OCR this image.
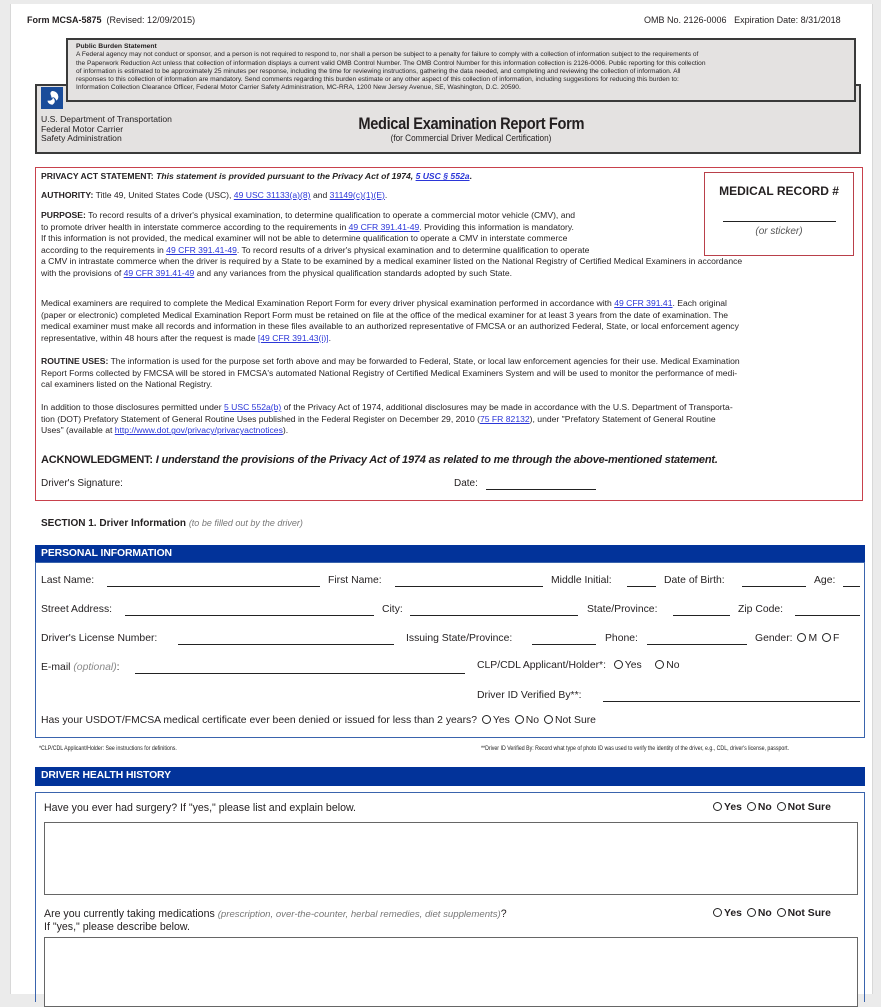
Form MCSA-5875 (Revised: 12/09/2015)	OMB No. 2126-0006 Expiration Date: 8/31/2018
Public Burden Statement
A Federal agency may not conduct or sponsor, and a person is not required to respond to, nor shall a person be subject to a penalty for failure to comply with a collection of information subject to the requirements of
the Paperwork Reduction Act unless that collection of information displays a current valid OMB Control Number. The OMB Control Number for this information collection is 2126-0006. Public reporting for this collection
of information is estimated to be approximately 25 minutes per response, including the time for reviewing instructions, gathering the data needed, and completing and reviewing the collection of information. All
responses to this collection of information are mandatory. Send comments regarding this burden estimate or any other aspect of this collection of information, including suggestions for reducing this burden to:
Information Collection Clearance Officer, Federal Motor Carrier Safety Administration, MC-RRA, 1200 New Jersey Avenue, SE, Washington, D.C. 20590.
U.S. Department of Transportation
Federal Motor Carrier
Safety Administration
Medical Examination Report Form
(for Commercial Driver Medical Certification)
MEDICAL RECORD #
(or sticker)
PRIVACY ACT STATEMENT: This statement is provided pursuant to the Privacy Act of 1974, 5 USC § 552a.
AUTHORITY: Title 49, United States Code (USC), 49 USC 31133(a)(8) and 31149(c)(1)(E).
PURPOSE: To record results of a driver's physical examination, to determine qualification to operate a commercial motor vehicle (CMV), and
to promote driver health in interstate commerce according to the requirements in 49 CFR 391.41-49. Providing this information is mandatory.
If this information is not provided, the medical examiner will not be able to determine qualification to operate a CMV in interstate commerce
according to the requirements in 49 CFR 391.41-49. To record results of a driver's physical examination and to determine qualification to operate
a CMV in intrastate commerce when the driver is required by a State to be examined by a medical examiner listed on the National Registry of Certified Medical Examiners in accordance
with the provisions of 49 CFR 391.41-49 and any variances from the physical qualification standards adopted by such State.
Medical examiners are required to complete the Medical Examination Report Form for every driver physical examination performed in accordance with 49 CFR 391.41. Each original
(paper or electronic) completed Medical Examination Report Form must be retained on file at the office of the medical examiner for at least 3 years from the date of examination. The
medical examiner must make all records and information in these files available to an authorized representative of FMCSA or an authorized Federal, State, or local enforcement agency
representative, within 48 hours after the request is made [49 CFR 391.43(i)].
ROUTINE USES: The information is used for the purpose set forth above and may be forwarded to Federal, State, or local law enforcement agencies for their use. Medical Examination
Report Forms collected by FMCSA will be stored in FMCSA's automated National Registry of Certified Medical Examiners System and will be used to monitor the performance of medi-
cal examiners listed on the National Registry.
In addition to those disclosures permitted under 5 USC 552a(b) of the Privacy Act of 1974, additional disclosures may be made in accordance with the U.S. Department of Transporta-
tion (DOT) Prefatory Statement of General Routine Uses published in the Federal Register on December 29, 2010 (75 FR 82132), under "Prefatory Statement of General Routine
Uses" (available at http://www.dot.gov/privacy/privacyactnotices).
ACKNOWLEDGMENT: I understand the provisions of the Privacy Act of 1974 as related to me through the above-mentioned statement.
Driver's Signature:	Date:
SECTION 1. Driver Information (to be filled out by the driver)
PERSONAL INFORMATION
Last Name:	First Name:	Middle Initial:	Date of Birth:	Age:
Street Address:	City:	State/Province:	Zip Code:
Driver's License Number:	Issuing State/Province:	Phone:	Gender: M F
E-mail (optional):	CLP/CDL Applicant/Holder*: Yes No
Driver ID Verified By**:
Has your USDOT/FMCSA medical certificate ever been denied or issued for less than 2 years? Yes No Not Sure
*CLP/CDL Applicant/Holder: See instructions for definitions.	**Driver ID Verified By: Record what type of photo ID was used to verify the identity of the driver, e.g., CDL, driver's license, passport.
DRIVER HEALTH HISTORY
Have you ever had surgery? If "yes," please list and explain below.	Yes No Not Sure
Are you currently taking medications (prescription, over-the-counter, herbal remedies, diet supplements)?
If "yes," please describe below.
Yes No Not Sure
